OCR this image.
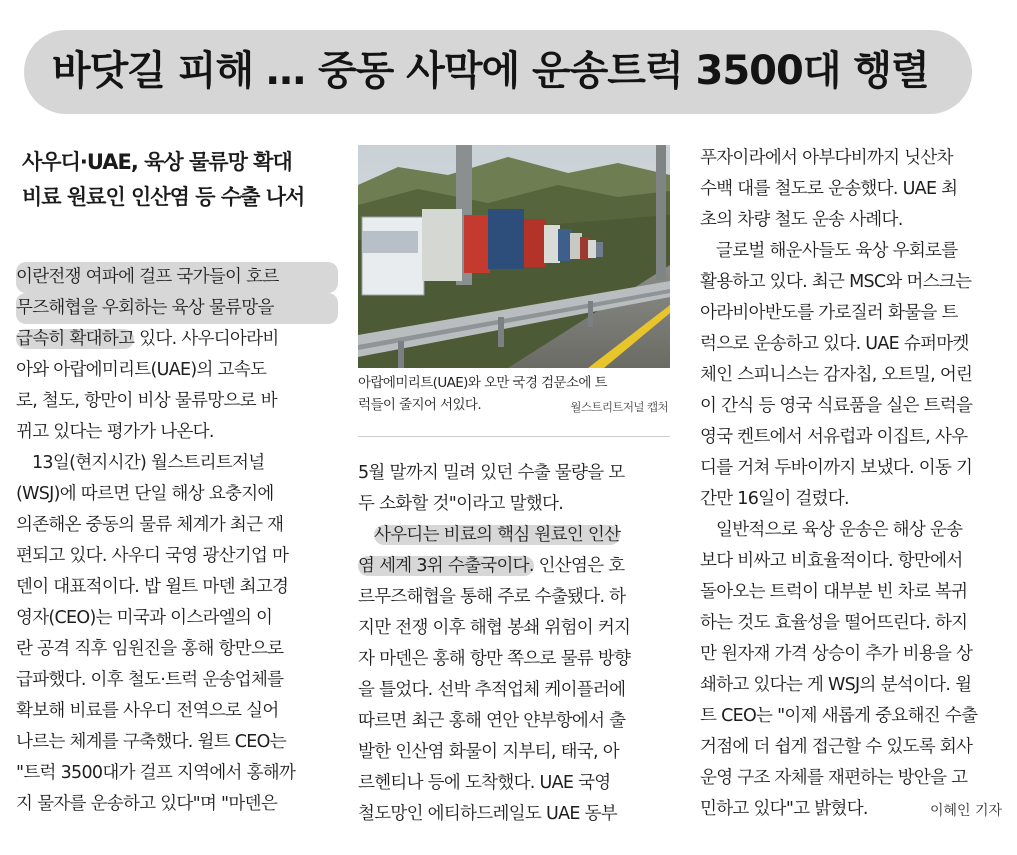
바닷길 피해 … 중동 사막에 운송트럭 3500대 행렬
사우디·UAE, 육상 물류망 확대
비료 원료인 인산염 등 수출 나서
이란전쟁 여파에 걸프 국가들이 호르
무즈해협을 우회하는 육상 물류망을
급속히 확대하고 있다. 사우디아라비
아와 아랍에미리트(UAE)의 고속도
로, 철도, 항만이 비상 물류망으로 바
뀌고 있다는 평가가 나온다.
13일(현지시간) 월스트리트저널
(WSJ)에 따르면 단일 해상 요충지에
의존해온 중동의 물류 체계가 최근 재
편되고 있다. 사우디 국영 광산기업 마
덴이 대표적이다. 밥 윌트 마덴 최고경
영자(CEO)는 미국과 이스라엘의 이
란 공격 직후 임원진을 홍해 항만으로
급파했다. 이후 철도·트럭 운송업체를
확보해 비료를 사우디 전역으로 실어
나르는 체계를 구축했다. 윌트 CEO는
"트럭 3500대가 걸프 지역에서 홍해까
지 물자를 운송하고 있다"며 "마덴은
아랍에미리트(UAE)와 오만 국경 검문소에 트
럭들이 줄지어 서있다.	월스트리트저널 캡처
5월 말까지 밀려 있던 수출 물량을 모
두 소화할 것"이라고 말했다.
사우디는 비료의 핵심 원료인 인산
염 세계 3위 수출국이다. 인산염은 호
르무즈해협을 통해 주로 수출됐다. 하
지만 전쟁 이후 해협 봉쇄 위험이 커지
자 마덴은 홍해 항만 쪽으로 물류 방향
을 틀었다. 선박 추적업체 케이플러에
따르면 최근 홍해 연안 얀부항에서 출
발한 인산염 화물이 지부티, 태국, 아
르헨티나 등에 도착했다. UAE 국영
철도망인 에티하드레일도 UAE 동부
푸자이라에서 아부다비까지 닛산차
수백 대를 철도로 운송했다. UAE 최
초의 차량 철도 운송 사례다.
글로벌 해운사들도 육상 우회로를
활용하고 있다. 최근 MSC와 머스크는
아라비아반도를 가로질러 화물을 트
럭으로 운송하고 있다. UAE 슈퍼마켓
체인 스피니스는 감자칩, 오트밀, 어린
이 간식 등 영국 식료품을 실은 트럭을
영국 켄트에서 서유럽과 이집트, 사우
디를 거쳐 두바이까지 보냈다. 이동 기
간만 16일이 걸렸다.
일반적으로 육상 운송은 해상 운송
보다 비싸고 비효율적이다. 항만에서
돌아오는 트럭이 대부분 빈 차로 복귀
하는 것도 효율성을 떨어뜨린다. 하지
만 원자재 가격 상승이 추가 비용을 상
쇄하고 있다는 게 WSJ의 분석이다. 윌
트 CEO는 "이제 새롭게 중요해진 수출
거점에 더 쉽게 접근할 수 있도록 회사
운영 구조 자체를 재편하는 방안을 고
민하고 있다"고 밝혔다.	이혜인 기자
